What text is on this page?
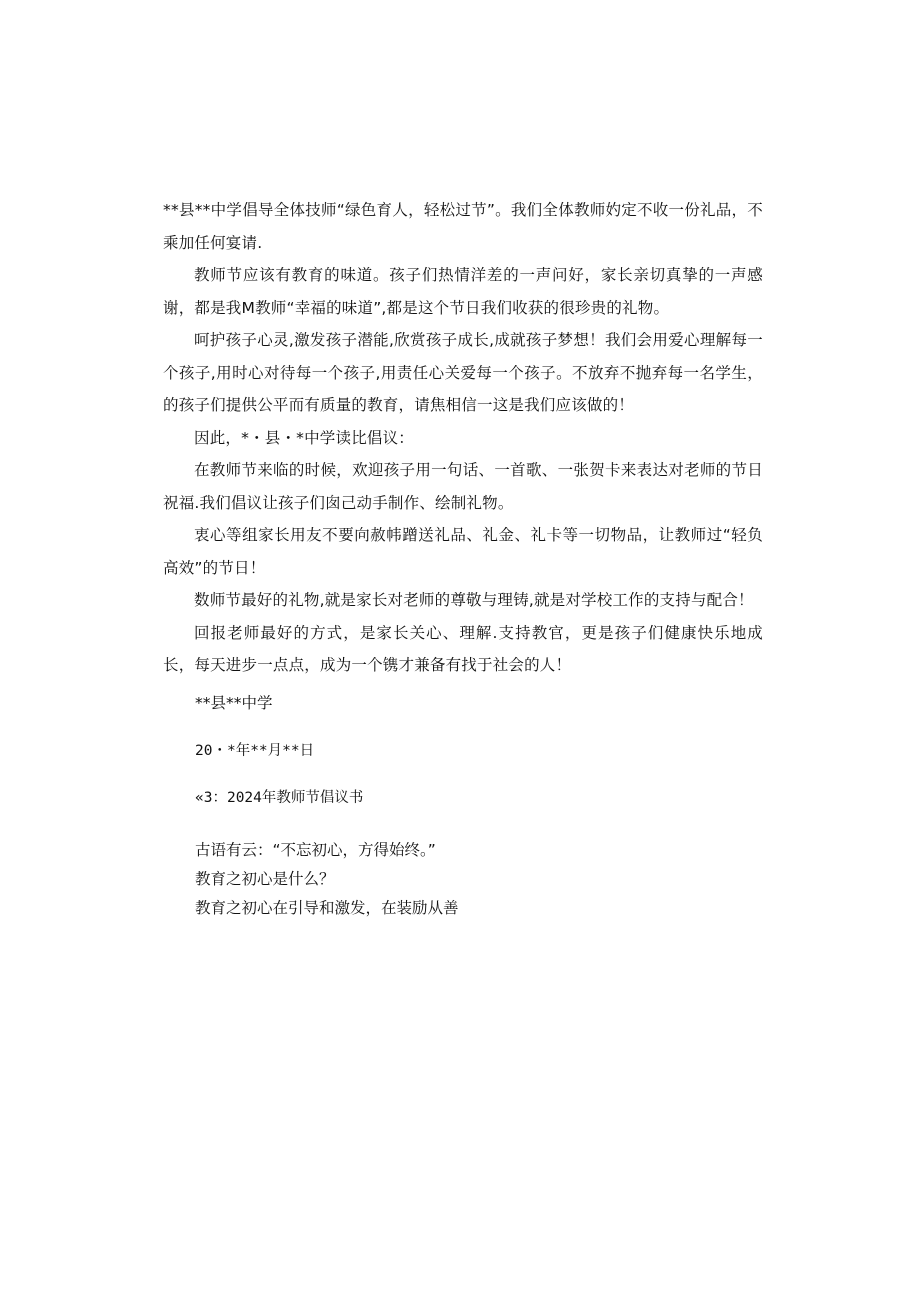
**县**中学倡导全体技师“绿色育人，轻松过节”。我们全体教师妁定不收一份礼品，不乘加任何宴请.

教师节应该有教育的味道。孩子们热情洋差的一声问好，家长亲切真挚的一声感谢，都是我M教师“幸福的味道”,都是这个节日我们收获的很珍贵的礼物。

呵护孩子心灵,激发孩子潜能,欣赏孩子成长,成就孩子梦想！我们会用爱心理解每一个孩子,用时心对待每一个孩子,用责任心关爱每一个孩子。不放弃不抛弃每一名学生，的孩子们提供公平而有质量的教育，请焦相信一这是我们应该做的！

因此，*・县・*中学读比倡议：

在教师节来临的时候，欢迎孩子用一句话、一首歌、一张贺卡来表达对老师的节日祝福.我们倡议让孩子们囱己动手制作、绘制礼物。

衷心等组家长用友不要向赦帏蹭送礼品、礼金、礼卡等一切物品，让教师过“轻负高效”的节日！

数师节最好的礼物,就是家长对老师的尊敬与理铸,就是对学校工作的支持与配合！

回报老师最好的方式，是家长关心、理解.支持教官，更是孩子们健康快乐地成长，每天进步一点点，成为一个镌才兼备有找于社会的人！

**县**中学

20・*年**月**日

«3：2024年教师节倡议书

古语有云：“不忘初心，方得始终。”

教育之初心是什么？

教育之初心在引导和激发，在装励从善
